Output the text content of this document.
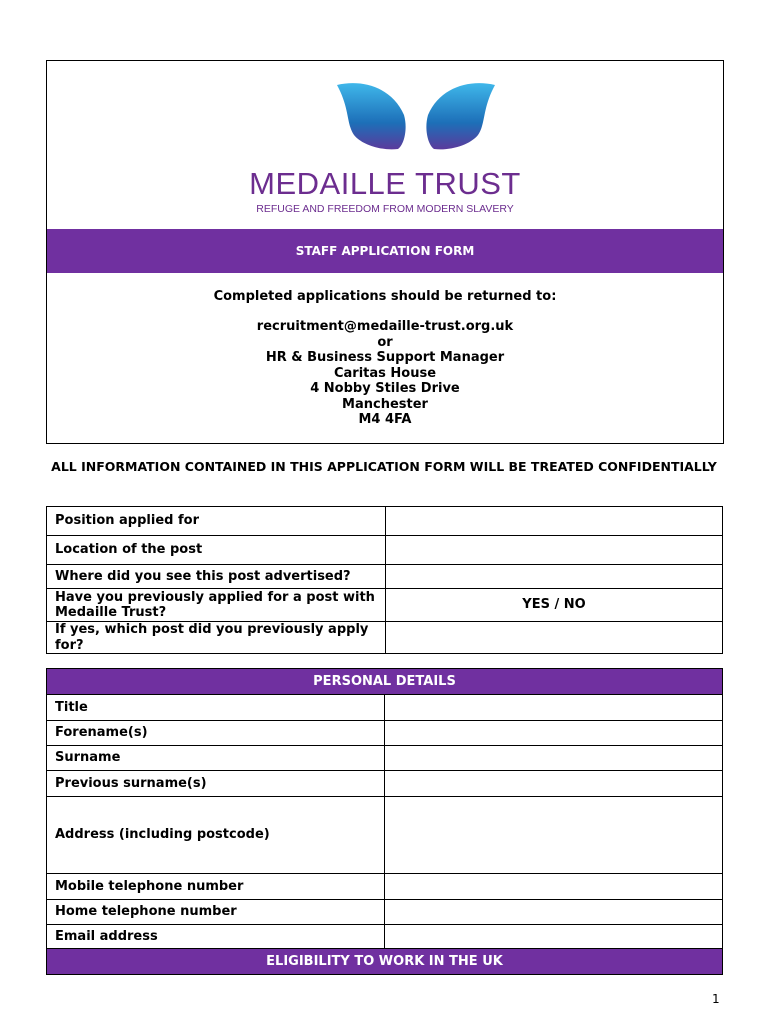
MEDAILLE TRUST
REFUGE AND FREEDOM FROM MODERN SLAVERY
STAFF APPLICATION FORM
Completed applications should be returned to:
recruitment@medaille-trust.org.uk
or
HR & Business Support Manager
Caritas House
4 Nobby Stiles Drive
Manchester
M4 4FA
ALL INFORMATION CONTAINED IN THIS APPLICATION FORM WILL BE TREATED CONFIDENTIALLY
Position applied for	
Location of the post	
Where did you see this post advertised?	
Have you previously applied for a post with Medaille Trust?	YES / NO
If yes, which post did you previously apply for?	
PERSONAL DETAILS	
Title	
Forename(s)	
Surname	
Previous surname(s)	
Address (including postcode)	
Mobile telephone number	
Home telephone number	
Email address	
ELIGIBILITY TO WORK IN THE UK	
1
